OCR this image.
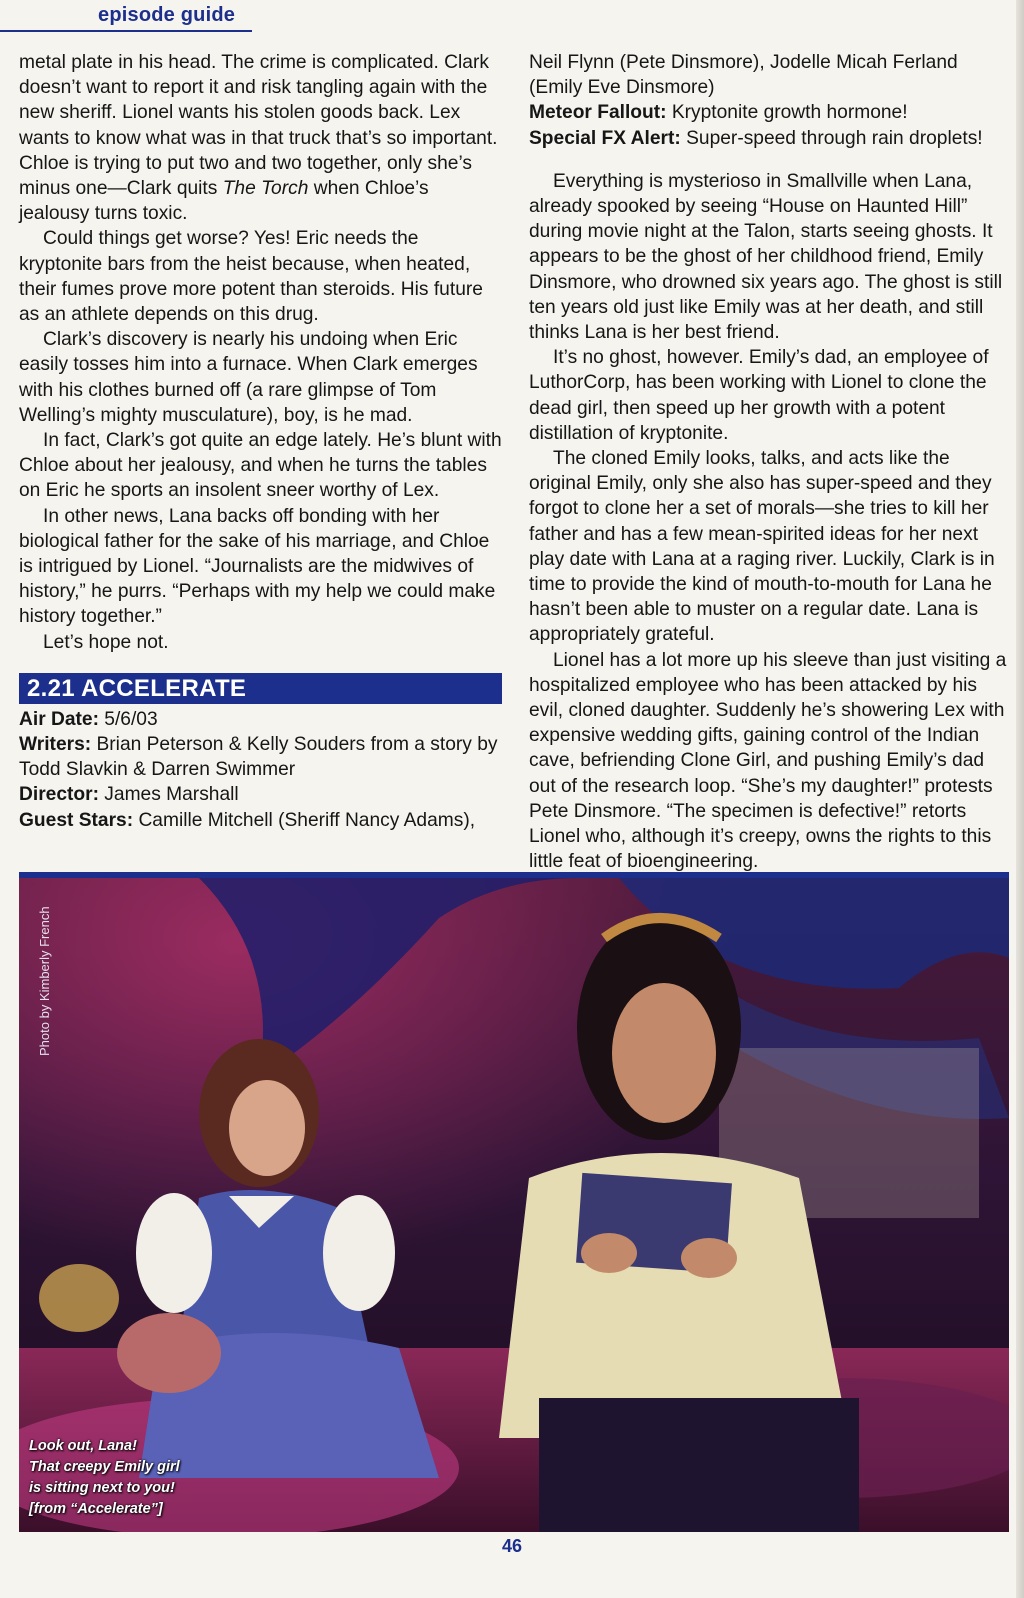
episode guide

metal plate in his head. The crime is complicated. Clark doesn’t want to report it and risk tangling again with the new sheriff. Lionel wants his stolen goods back. Lex wants to know what was in that truck that’s so important. Chloe is trying to put two and two together, only she’s minus one—Clark quits The Torch when Chloe’s jealousy turns toxic.

Could things get worse? Yes! Eric needs the kryptonite bars from the heist because, when heated, their fumes prove more potent than steroids. His future as an athlete depends on this drug.

Clark’s discovery is nearly his undoing when Eric easily tosses him into a furnace. When Clark emerges with his clothes burned off (a rare glimpse of Tom Welling’s mighty musculature), boy, is he mad.

In fact, Clark’s got quite an edge lately. He’s blunt with Chloe about her jealousy, and when he turns the tables on Eric he sports an insolent sneer worthy of Lex.

In other news, Lana backs off bonding with her biological father for the sake of his marriage, and Chloe is intrigued by Lionel. “Journalists are the midwives of history,” he purrs. “Perhaps with my help we could make history together.”

Let’s hope not.

2.21 ACCELERATE

Air Date: 5/6/03

Writers: Brian Peterson & Kelly Souders from a story by Todd Slavkin & Darren Swimmer

Director: James Marshall

Guest Stars: Camille Mitchell (Sheriff Nancy Adams),

Neil Flynn (Pete Dinsmore), Jodelle Micah Ferland (Emily Eve Dinsmore)

Meteor Fallout: Kryptonite growth hormone!

Special FX Alert: Super-speed through rain droplets!

Everything is mysterioso in Smallville when Lana, already spooked by seeing “House on Haunted Hill” during movie night at the Talon, starts seeing ghosts. It appears to be the ghost of her childhood friend, Emily Dinsmore, who drowned six years ago. The ghost is still ten years old just like Emily was at her death, and still thinks Lana is her best friend.

It’s no ghost, however. Emily’s dad, an employee of LuthorCorp, has been working with Lionel to clone the dead girl, then speed up her growth with a potent distillation of kryptonite.

The cloned Emily looks, talks, and acts like the original Emily, only she also has super-speed and they forgot to clone her a set of morals—she tries to kill her father and has a few mean-spirited ideas for her next play date with Lana at a raging river. Luckily, Clark is in time to provide the kind of mouth-to-mouth for Lana he hasn’t been able to muster on a regular date. Lana is appropriately grateful.

Lionel has a lot more up his sleeve than just visiting a hospitalized employee who has been attacked by his evil, cloned daughter. Suddenly he’s showering Lex with expensive wedding gifts, gaining control of the Indian cave, befriending Clone Girl, and pushing Emily’s dad out of the research loop. “She’s my daughter!” protests Pete Dinsmore. “The specimen is defective!” retorts Lionel who, although it’s creepy, owns the rights to this little feat of bioengineering.

Photo by Kimberly French
Look out, Lana!
That creepy Emily girl
is sitting next to you!
[from “Accelerate”]
46
